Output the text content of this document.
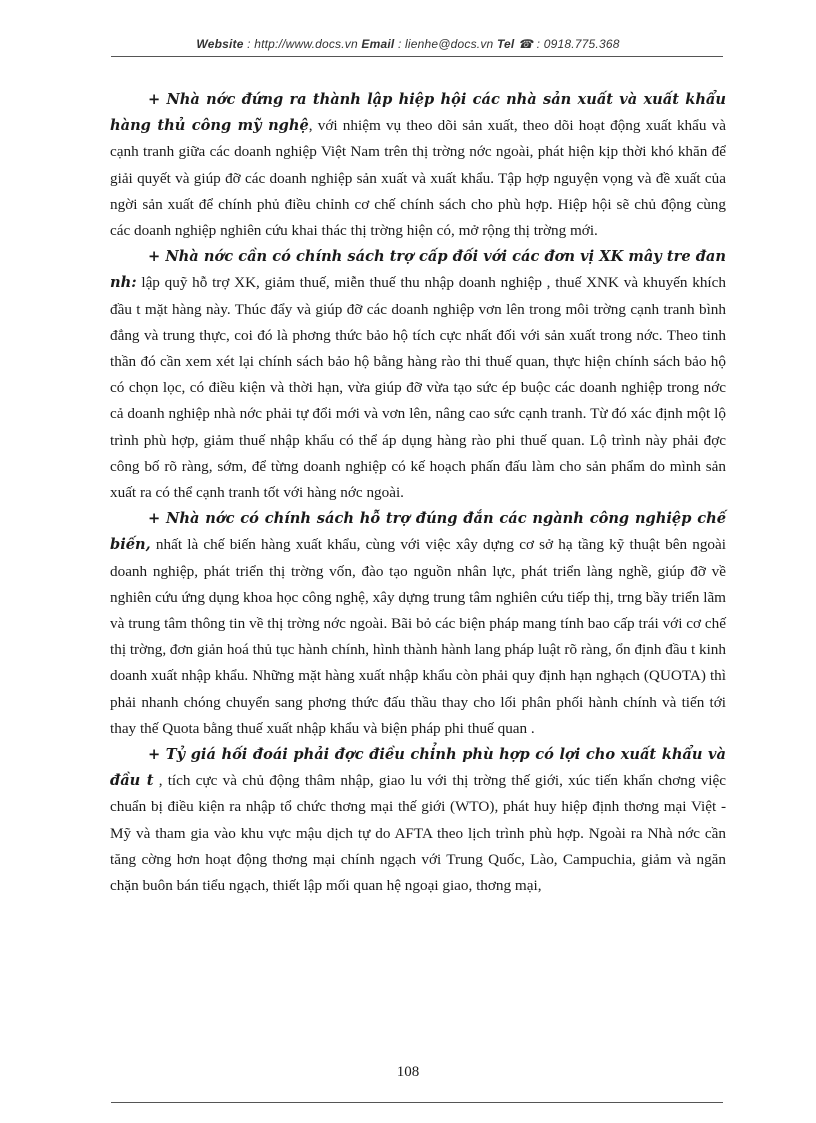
Website : http://www.docs.vn Email : lienhe@docs.vn Tel ☎ : 0918.775.368

+ Nhà nớc đứng ra thành lập hiệp hội các nhà sản xuất và xuất khẩu hàng thủ công mỹ nghệ, với nhiệm vụ theo dõi sản xuất, theo dõi hoạt động xuất khẩu và cạnh tranh giữa các doanh nghiệp Việt Nam trên thị trờng nớc ngoài, phát hiện kịp thời khó khăn để giải quyết và giúp đỡ các doanh nghiệp sản xuất và xuất khẩu. Tập hợp nguyện vọng và đề xuất của ngời sản xuất để chính phủ điều chỉnh cơ chế chính sách cho phù hợp. Hiệp hội sẽ chủ động cùng các doanh nghiệp nghiên cứu khai thác thị trờng hiện có, mở rộng thị trờng mới.

+ Nhà nớc cần có chính sách trợ cấp đối với các đơn vị XK mây tre đan nh: lập quỹ hỗ trợ XK, giảm thuế, miễn thuế thu nhập doanh nghiệp , thuế XNK và khuyến khích đầu t mặt hàng này. Thúc đẩy và giúp đỡ các doanh nghiệp vơn lên trong môi trờng cạnh tranh bình đẳng và trung thực, coi đó là phơng thức bảo hộ tích cực nhất đối với sản xuất trong nớc. Theo tinh thần đó cần xem xét lại chính sách bảo hộ bằng hàng rào thi thuế quan, thực hiện chính sách bảo hộ có chọn lọc, có điều kiện và thời hạn, vừa giúp đỡ vừa tạo sức ép buộc các doanh nghiệp trong nớc cả doanh nghiệp nhà nớc phải tự đổi mới và vơn lên, nâng cao sức cạnh tranh. Từ đó xác định một lộ trình phù hợp, giảm thuế nhập khẩu có thể áp dụng hàng rào phi thuế quan. Lộ trình này phải đợc công bố rõ ràng, sớm, để từng doanh nghiệp có kế hoạch phấn đấu làm cho sản phẩm do mình sản xuất ra có thể cạnh tranh tốt với hàng nớc ngoài.

+ Nhà nớc có chính sách hỗ trợ đúng đắn các ngành công nghiệp chế biến, nhất là chế biến hàng xuất khẩu, cùng với việc xây dựng cơ sở hạ tầng kỹ thuật bên ngoài doanh nghiệp, phát triển thị trờng vốn, đào tạo nguồn nhân lực, phát triển làng nghề, giúp đỡ về nghiên cứu ứng dụng khoa học công nghệ, xây dựng trung tâm nghiên cứu tiếp thị, trng bầy triển lãm và trung tâm thông tin về thị trờng nớc ngoài. Bãi bỏ các biện pháp mang tính bao cấp trái với cơ chế thị trờng, đơn giản hoá thủ tục hành chính, hình thành hành lang pháp luật rõ ràng, ổn định đầu t kinh doanh xuất nhập khẩu. Những mặt hàng xuất nhập khẩu còn phải quy định hạn nghạch (QUOTA) thì phải nhanh chóng chuyển sang phơng thức đấu thầu thay cho lối phân phối hành chính và tiến tới thay thế Quota bằng thuế xuất nhập khẩu và biện pháp phi thuế quan .

+ Tỷ giá hối đoái phải đợc điều chỉnh phù hợp có lợi cho xuất khẩu và đầu t , tích cực và chủ động thâm nhập, giao lu với thị trờng thế giới, xúc tiến khẩn chơng việc chuẩn bị điều kiện ra nhập tổ chức thơng mại thế giới (WTO), phát huy hiệp định thơng mại Việt - Mỹ và tham gia vào khu vực mậu dịch tự do AFTA theo lịch trình phù hợp. Ngoài ra Nhà nớc cần tăng cờng hơn hoạt động thơng mại chính ngạch với Trung Quốc, Lào, Campuchia, giảm và ngăn chặn buôn bán tiểu ngạch, thiết lập mối quan hệ ngoại giao, thơng mại,

108
